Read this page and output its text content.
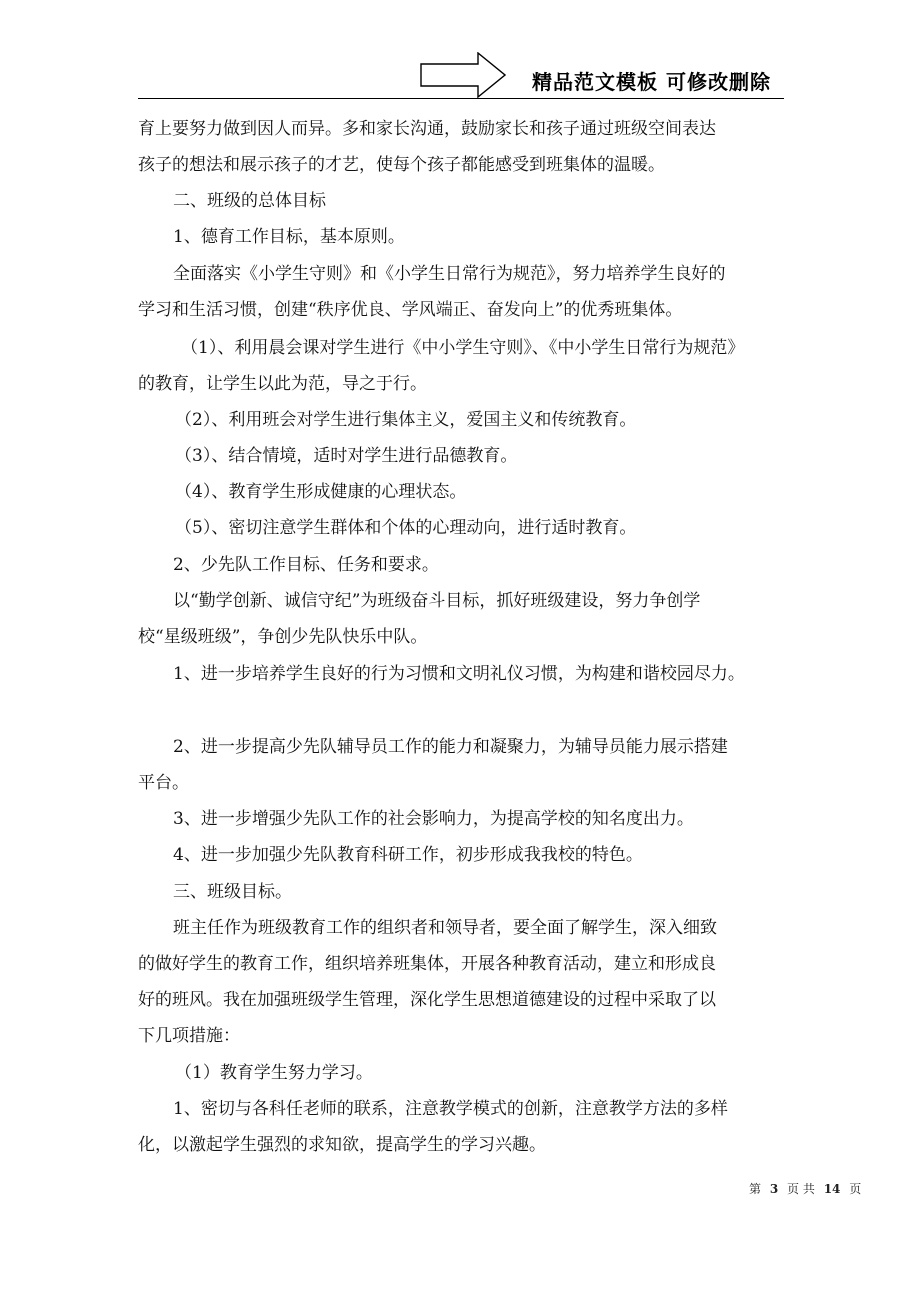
精品范文模板 可修改删除
育上要努力做到因人而异。多和家长沟通，鼓励家长和孩子通过班级空间表达
孩子的想法和展示孩子的才艺，使每个孩子都能感受到班集体的温暖。
二、班级的总体目标
1、德育工作目标，基本原则。
全面落实《小学生守则》和《小学生日常行为规范》，努力培养学生良好的
学习和生活习惯，创建“秩序优良、学风端正、奋发向上”的优秀班集体。
（1）、利用晨会课对学生进行《中小学生守则》、《中小学生日常行为规范》
的教育，让学生以此为范，导之于行。
（2）、利用班会对学生进行集体主义，爱国主义和传统教育。
（3）、结合情境，适时对学生进行品德教育。
（4）、教育学生形成健康的心理状态。
（5）、密切注意学生群体和个体的心理动向，进行适时教育。
2、少先队工作目标、任务和要求。
以“勤学创新、诚信守纪”为班级奋斗目标，抓好班级建设，努力争创学
校“星级班级”，争创少先队快乐中队。
1、进一步培养学生良好的行为习惯和文明礼仪习惯，为构建和谐校园尽力。
2、进一步提高少先队辅导员工作的能力和凝聚力，为辅导员能力展示搭建
平台。
3、进一步增强少先队工作的社会影响力，为提高学校的知名度出力。
4、进一步加强少先队教育科研工作，初步形成我我校的特色。
三、班级目标。
班主任作为班级教育工作的组织者和领导者，要全面了解学生，深入细致
的做好学生的教育工作，组织培养班集体，开展各种教育活动，建立和形成良
好的班风。我在加强班级学生管理，深化学生思想道德建设的过程中采取了以
下几项措施：
（1）教育学生努力学习。
1、密切与各科任老师的联系，注意教学模式的创新，注意教学方法的多样
化，以激起学生强烈的求知欲，提高学生的学习兴趣。
第 3 页 共 14 页
